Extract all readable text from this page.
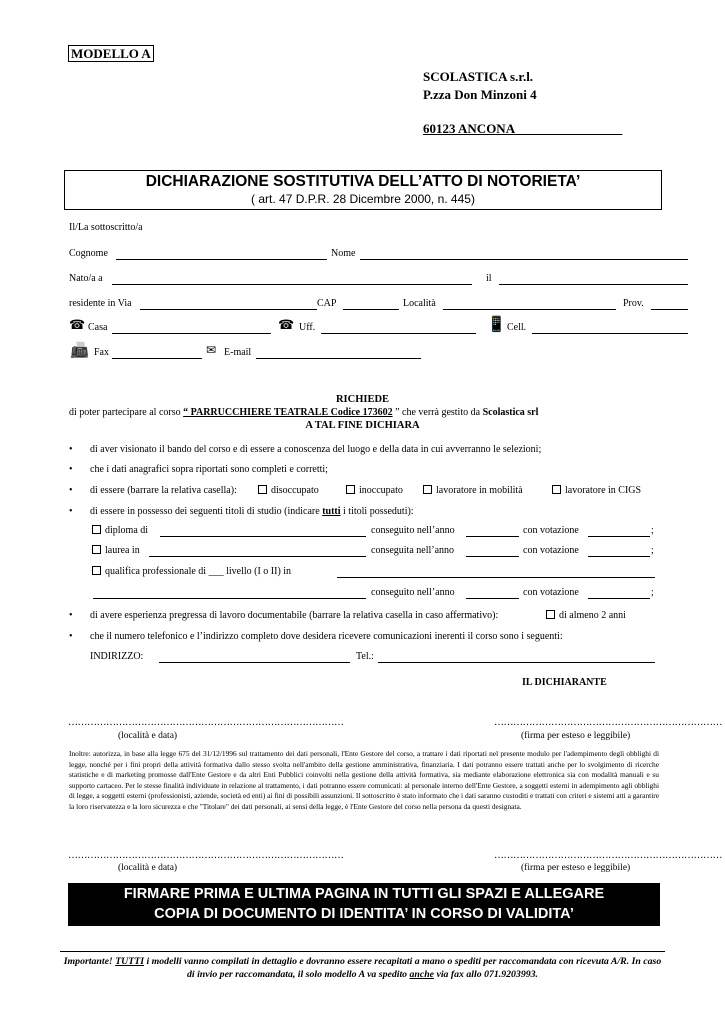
MODELLO A
SCOLASTICA s.r.l.
P.zza Don Minzoni 4
60123 ANCONA
DICHIARAZIONE SOSTITUTIVA DELL’ATTO DI NOTORIETA’
( art. 47 D.P.R. 28 Dicembre 2000, n. 445)
Il/La sottoscritto/a
Cognome	Nome
Nato/a a	il
residente in Via	CAP	Località	Prov.
☎ Casa	☎ Uff.	📱 Cell.
📠 Fax	✉ E-mail
RICHIEDE
di poter partecipare al corso “ PARRUCCHIERE TEATRALE Codice 173602 ” che verrà gestito da Scolastica srl
A TAL FINE DICHIARA
• di aver visionato il bando del corso e di essere a conoscenza del luogo e della data in cui avverranno le selezioni;
• che i dati anagrafici sopra riportati sono completi e corretti;
• di essere (barrare la relativa casella):	disoccupato	inoccupato	lavoratore in mobilità	lavoratore in CIGS
• di essere in possesso dei seguenti titoli di studio (indicare tutti i titoli posseduti):
diploma di	conseguito nell’anno	con votazione	;
laurea in	conseguita nell’anno	con votazione	;
qualifica professionale di ___ livello (I o II) in
conseguito nell’anno	con votazione	;
• di avere esperienza pregressa di lavoro documentabile (barrare la relativa casella in caso affermativo):	di almeno 2 anni
• che il numero telefonico e l’indirizzo completo dove desidera ricevere comunicazioni inerenti il corso sono i seguenti:
INDIRIZZO:	Tel.:
IL DICHIARANTE
……………………………………………………………………………	………………………………………………………………
(località e data)	(firma per esteso e leggibile)
Inoltre: autorizza, in base alla legge 675 del 31/12/1996 sul trattamento dei dati personali, l'Ente Gestore del corso, a trattare i dati riportati nel presente modulo per l'adempimento degli obblighi di legge, nonché per i fini propri della attività formativa dallo stesso svolta nell'ambito della gestione amministrativa, finanziaria. I dati potranno essere trattati anche per lo svolgimento di ricerche statistiche e di marketing promosse dall'Ente Gestore e da altri Enti Pubblici coinvolti nella gestione della attività formativa, sia mediante elaborazione elettronica sia con modalità manuali e su supporto cartaceo. Per le stesse finalità individuate in relazione al trattamento, i dati potranno essere comunicati: al personale interno dell'Ente Gestore, a soggetti esterni in adempimento agli obblighi di legge, a soggetti esterni (professionisti, aziende, società ed enti) ai fini di possibili assunzioni. Il sottoscritto è stato informato che i dati saranno custoditi e trattati con criteri e sistemi atti a garantire la loro riservatezza e la loro sicurezza e che "Titolare" dei dati personali, ai sensi della legge, è l'Ente Gestore del corso nella persona da questi designata.
……………………………………………………………………………	………………………………………………………………
(località e data)	(firma per esteso e leggibile)
FIRMARE PRIMA E ULTIMA PAGINA IN TUTTI GLI SPAZI E ALLEGARE
COPIA DI DOCUMENTO DI IDENTITA’ IN CORSO DI VALIDITA’
Importante! TUTTI i modelli vanno compilati in dettaglio e dovranno essere recapitati a mano o spediti per raccomandata con ricevuta A/R. In caso di invio per raccomandata, il solo modello A va spedito anche via fax allo 071.9203993.
